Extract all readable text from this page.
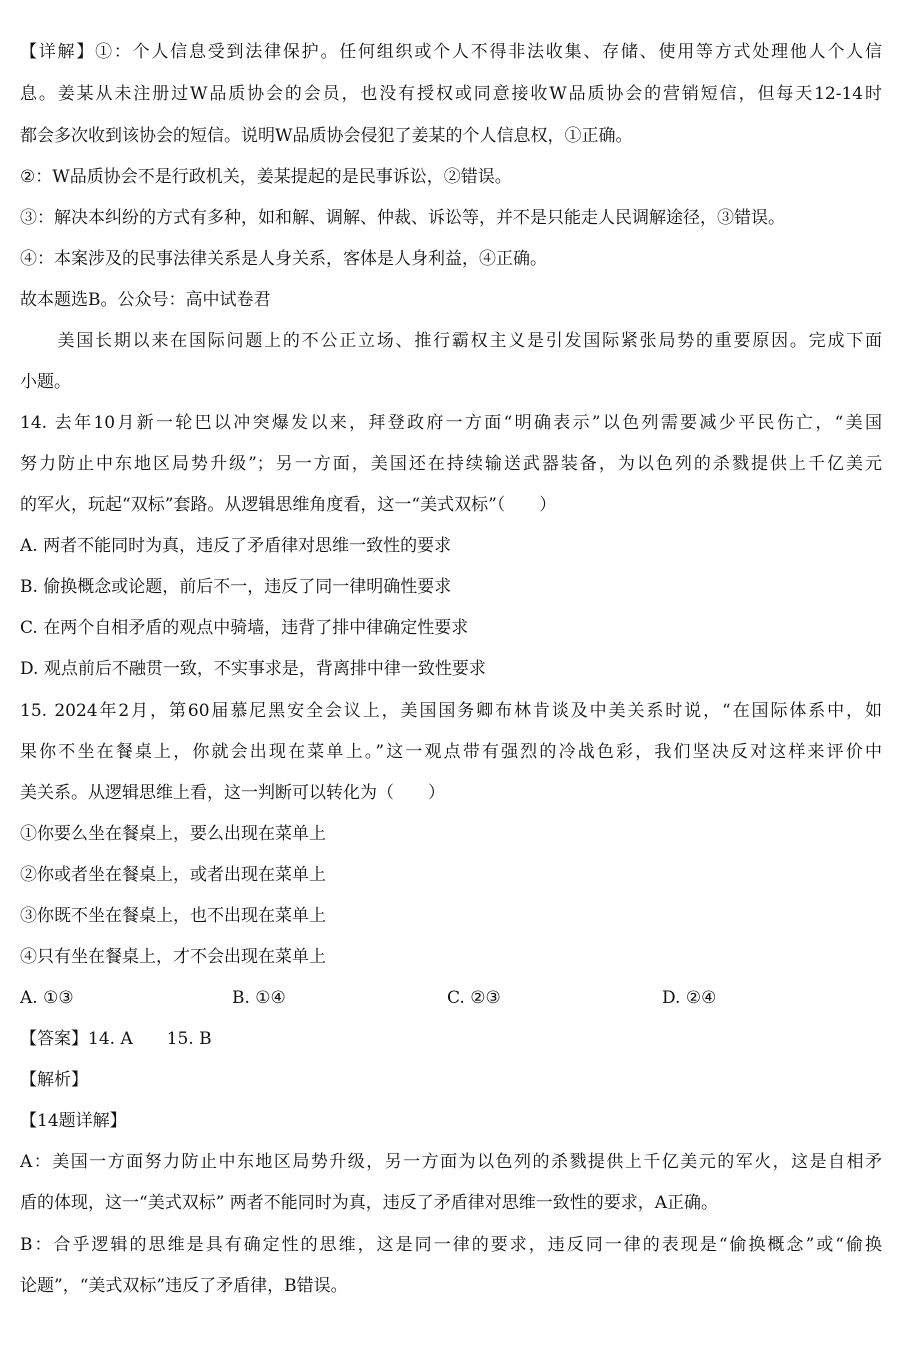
【详解】①：个人信息受到法律保护。任何组织或个人不得非法收集、存储、使用等方式处理他人个人信
息。姜某从未注册过W品质协会的会员，也没有授权或同意接收W品质协会的营销短信，但每天12-14时
都会多次收到该协会的短信。说明W品质协会侵犯了姜某的个人信息权，①正确。
②：W品质协会不是行政机关，姜某提起的是民事诉讼，②错误。
③：解决本纠纷的方式有多种，如和解、调解、仲裁、诉讼等，并不是只能走人民调解途径，③错误。
④：本案涉及的民事法律关系是人身关系，客体是人身利益，④正确。
故本题选B。公众号：高中试卷君
　　美国长期以来在国际问题上的不公正立场、推行霸权主义是引发国际紧张局势的重要原因。完成下面
小题。
14. 去年10月新一轮巴以冲突爆发以来，拜登政府一方面“明确表示”以色列需要减少平民伤亡，“美国
努力防止中东地区局势升级”；另一方面，美国还在持续输送武器装备，为以色列的杀戮提供上千亿美元
的军火，玩起“双标”套路。从逻辑思维角度看，这一“美式双标”（　　）
A. 两者不能同时为真，违反了矛盾律对思维一致性的要求
B. 偷换概念或论题，前后不一，违反了同一律明确性要求
C. 在两个自相矛盾的观点中骑墙，违背了排中律确定性要求
D. 观点前后不融贯一致，不实事求是，背离排中律一致性要求
15. 2024年2月，第60届慕尼黑安全会议上，美国国务卿布林肯谈及中美关系时说，“在国际体系中，如
果你不坐在餐桌上，你就会出现在菜单上。”这一观点带有强烈的冷战色彩，我们坚决反对这样来评价中
美关系。从逻辑思维上看，这一判断可以转化为（　　）
①你要么坐在餐桌上，要么出现在菜单上
②你或者坐在餐桌上，或者出现在菜单上
③你既不坐在餐桌上，也不出现在菜单上
④只有坐在餐桌上，才不会出现在菜单上
A. ①③	B. ①④	C. ②③	D. ②④
【答案】14. A　　15. B
【解析】
【14题详解】
A：美国一方面努力防止中东地区局势升级，另一方面为以色列的杀戮提供上千亿美元的军火，这是自相矛
盾的体现，这一“美式双标” 两者不能同时为真，违反了矛盾律对思维一致性的要求，A正确。
B：合乎逻辑的思维是具有确定性的思维，这是同一律的要求，违反同一律的表现是“偷换概念”或“偷换
论题”，“美式双标”违反了矛盾律，B错误。
